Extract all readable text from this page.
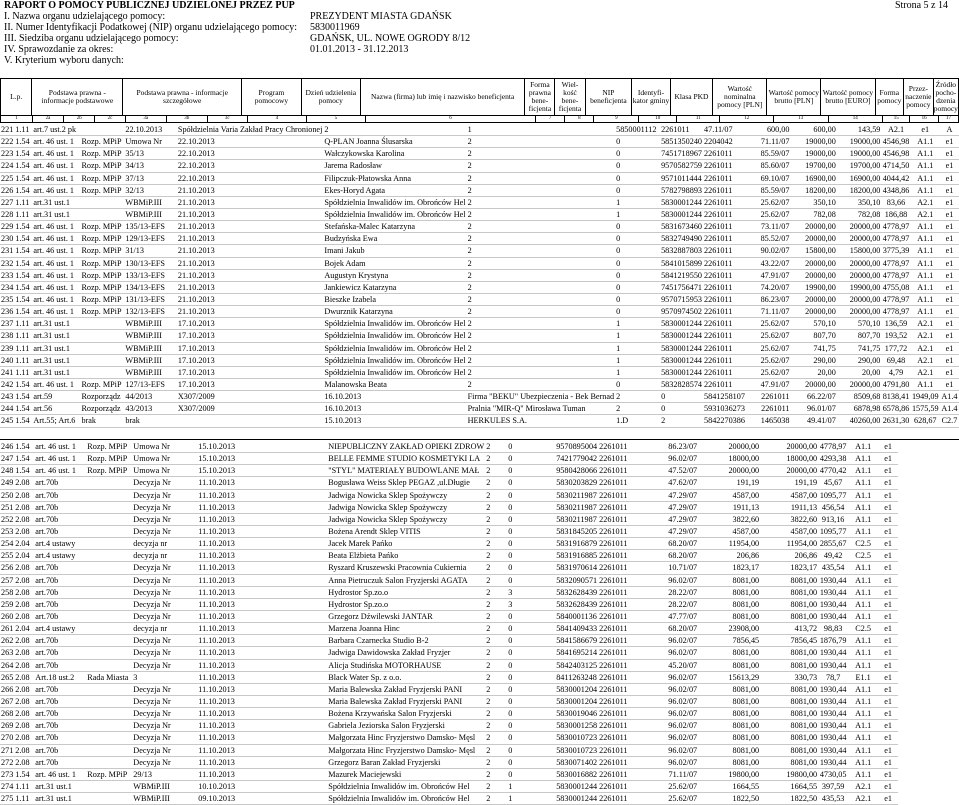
RAPORT O POMOCY PUBLICZNEJ UDZIELONEJ PRZEZ PUP	Strona 5 z 14
I. Nazwa organu udzielającego pomocy:	PREZYDENT MIASTA GDAŃSK
II. Numer Identyfikacji Podatkowej (NIP) organu udzielającego pomocy: 5830011969
III. Siedziba organu udzielającego pomocy:	GDAŃSK, UL. NOWE OGRODY 8/12
IV. Sprawozdanie za okres:	01.01.2013 - 31.12.2013
V. Kryterium wyboru danych:
L.p.	Podstawa prawna - informacje podstawowe	Podstawa prawna - informacje szczegółowe	Program pomocowy	Dzień udzielenia pomocy	Nazwa (firma) lub imię i nazwisko beneficjenta	Forma prawna bene- ficjenta	Wiel- kość bene- ficjenta	NIP beneficjenta	Identyfi- kator gminy	Klasa PKD	Wartość nominalna pomocy [PLN]	Wartość pomocy brutto [PLN]	Wartość pomocy brutto [EURO]	Forma pomocy	Przez- naczenie pomocy	Źródło pocho- dzenia pomocy
1	2a	2b	2c	3a	3b	3c	4	5	6	7	8	9	10	11	12	13	14	15	16	17
221	1.11	art.7 ust.2 pk		22.10.2013	Spółdzielnia Varia Zakład Pracy Chronionej	2	1	5850001112	2261011	47.11/07	600,00	600,00	143,59	A2.1	e1	A
222	1.54	art. 46 ust. 1	Rozp. MPiP	Umowa Nr	22.10.2013	Q-PLAN Joanna Ślusarska	2	0	5851350240	2204042	71.11/07	19000,00	19000,00	4546,98	A1.1	e1
223	1.54	art. 46 ust. 1	Rozp. MPiP	35/13	22.10.2013	Wałczykowska Karolina	2	0	7451718967	2261011	85.59/07	19000,00	19000,00	4546,98	A1.1	e1
224	1.54	art. 46 ust. 1	Rozp. MPiP	34/13	22.10.2013	Jarema Radosław	2	0	9570582759	2261011	85.60/07	19700,00	19700,00	4714,50	A1.1	e1
225	1.54	art. 46 ust. 1	Rozp. MPiP	37/13	22.10.2013	Filipczuk-Płatowska Anna	2	0	9571011444	2261011	69.10/07	16900,00	16900,00	4044,42	A1.1	e1
226	1.54	art. 46 ust. 1	Rozp. MPiP	32/13	21.10.2013	Ekes-Horyd Agata	2	0	5782798893	2261011	85.59/07	18200,00	18200,00	4348,86	A1.1	e1
227	1.11	art.31 ust.1		WBMiP.III	21.10.2013	Spółdzielnia Inwalidów im. Obrońców Hel	2	1	5830001244	2261011	25.62/07	350,10	350,10	83,66	A2.1	e1
228	1.11	art.31 ust.1		WBMiP.III	21.10.2013	Spółdzielnia Inwalidów im. Obrońców Hel	2	1	5830001244	2261011	25.62/07	782,08	782,08	186,88	A2.1	e1
229	1.54	art. 46 ust. 1	Rozp. MPiP	135/13-EFS	21.10.2013	Stefańska-Malec Katarzyna	2	0	5831673460	2261011	73.11/07	20000,00	20000,00	4778,97	A1.1	e1
230	1.54	art. 46 ust. 1	Rozp. MPiP	129/13-EFS	21.10.2013	Budzyńska Ewa	2	0	5832749490	2261011	85.52/07	20000,00	20000,00	4778,97	A1.1	e1
231	1.54	art. 46 ust. 1	Rozp. MPiP	31/13	21.10.2013	Imani Jakub	2	0	5832887803	2261011	90.02/07	15800,00	15800,00	3775,39	A1.1	e1
232	1.54	art. 46 ust. 1	Rozp. MPiP	130/13-EFS	21.10.2013	Bojek Adam	2	0	5841015899	2261011	43.22/07	20000,00	20000,00	4778,97	A1.1	e1
233	1.54	art. 46 ust. 1	Rozp. MPiP	133/13-EFS	21.10.2013	Augustyn Krystyna	2	0	5841219550	2261011	47.91/07	20000,00	20000,00	4778,97	A1.1	e1
234	1.54	art. 46 ust. 1	Rozp. MPiP	134/13-EFS	21.10.2013	Jankiewicz Katarzyna	2	0	7451756471	2261011	74.20/07	19900,00	19900,00	4755,08	A1.1	e1
235	1.54	art. 46 ust. 1	Rozp. MPiP	131/13-EFS	21.10.2013	Bieszke Izabela	2	0	9570715953	2261011	86.23/07	20000,00	20000,00	4778,97	A1.1	e1
236	1.54	art. 46 ust. 1	Rozp. MPiP	132/13-EFS	21.10.2013	Dwurznik Katarzyna	2	0	9570974502	2261011	71.11/07	20000,00	20000,00	4778,97	A1.1	e1
237	1.11	art.31 ust.1		WBMiP.III	17.10.2013	Spółdzielnia Inwalidów im. Obrońców Hel	2	1	5830001244	2261011	25.62/07	570,10	570,10	136,59	A2.1	e1
238	1.11	art.31 ust.1		WBMiP.III	17.10.2013	Spółdzielnia Inwalidów im. Obrońców Hel	2	1	5830001244	2261011	25.62/07	807,70	807,70	193,52	A2.1	e1
239	1.11	art.31 ust.1		WBMiP.III	17.10.2013	Spółdzielnia Inwalidów im. Obrońców Hel	2	1	5830001244	2261011	25.62/07	741,75	741,75	177,72	A2.1	e1
240	1.11	art.31 ust.1		WBMiP.III	17.10.2013	Spółdzielnia Inwalidów im. Obrońców Hel	2	1	5830001244	2261011	25.62/07	290,00	290,00	69,48	A2.1	e1
241	1.11	art.31 ust.1		WBMiP.III	17.10.2013	Spółdzielnia Inwalidów im. Obrońców Hel	2	1	5830001244	2261011	25.62/07	20,00	20,00	4,79	A2.1	e1
242	1.54	art. 46 ust. 1	Rozp. MPiP	127/13-EFS	17.10.2013	Malanowska Beata	2	0	5832828574	2261011	47.91/07	20000,00	20000,00	4791,80	A1.1	e1
243	1.54	art.59	Rozporządz	44/2013	X307/2009	16.10.2013	Firma "BEKU" Ubezpieczenia - Bek Bernad	2	0	5841258107	2261011	66.22/07	8509,68	8138,41	1949,09	A1.4
244	1.54	art.56	Rozporządz	43/2013	X307/2009	16.10.2013	Pralnia "MIR-Q" Mirosława Tuman	2	0	5931036273	2261011	96.01/07	6878,98	6578,86	1575,59	A1.4
245	1.54	Art.55; Art.6	brak	brak		15.10.2013	HERKULES S.A.	1.D	2	5842270386	1465038	49.41/07	40260,00	2631,30	628,67	C2.7
246	1.54	art. 46 ust. 1	Rozp. MPiP	Umowa Nr	15.10.2013	NIEPUBLICZNY ZAKŁAD OPIEKI ZDROW	2	0	9570895004	2261011	86.23/07	20000,00	20000,00	4778,97	A1.1	e1
247	1.54	art. 46 ust. 1	Rozp. MPiP	Umowa Nr	15.10.2013	BELLE FEMME STUDIO KOSMETYKI LA	2	0	7421779042	2261011	96.02/07	18000,00	18000,00	4293,38	A1.1	e1
248	1.54	art. 46 ust. 1	Rozp. MPiP	Umowa Nr	15.10.2013	"STYL" MATERIAŁY BUDOWLANE MAŁ	2	0	9580428066	2261011	47.52/07	20000,00	20000,00	4770,42	A1.1	e1
249	2.08	art.70b		Decyzja Nr	11.10.2013	Bogusława Weiss Sklep PEGAZ ,ul.Długie	2	0	5830203829	2261011	47.62/07	191,19	191,19	45,67	A1.1	e1
250	2.08	art.70b		Decyzja Nr	11.10.2013	Jadwiga Nowicka Sklep Spożywczy	2	0	5830211987	2261011	47.29/07	4587,00	4587,00	1095,77	A1.1	e1
251	2.08	art.70b		Decyzja Nr	11.10.2013	Jadwiga Nowicka Sklep Spożywczy	2	0	5830211987	2261011	47.29/07	1911,13	1911,13	456,54	A1.1	e1
252	2.08	art.70b		Decyzja Nr	11.10.2013	Jadwiga Nowicka Sklep Spożywczy	2	0	5830211987	2261011	47.29/07	3822,60	3822,60	913,16	A1.1	e1
253	2.08	art.70b		Decyzja Nr	11.10.2013	Bożena Arendt Sklep VITIS	2	0	5831845205	2261011	47.29/07	4587,00	4587,00	1095,77	A1.1	e1
254	2.04	art.4 ustawy		decyzja nr	11.10.2013	Jacek Marek Pańko	2	0	5831916879	2261011	68.20/07	11954,00	11954,00	2855,67	C2.5	e1
255	2.04	art.4 ustawy		decyzja nr	11.10.2013	Beata Elżbieta Pańko	2	0	5831916885	2261011	68.20/07	206,86	206,86	49,42	C2.5	e1
256	2.08	art.70b		Decyzja Nr	11.10.2013	Ryszard Kruszewski Pracownia Cukiernia	2	0	5831970614	2261011	10.71/07	1823,17	1823,17	435,54	A1.1	e1
257	2.08	art.70b		Decyzja Nr	11.10.2013	Anna Pietruczuk Salon Fryzjerski AGATA	2	0	5832090571	2261011	96.02/07	8081,00	8081,00	1930,44	A1.1	e1
258	2.08	art.70b		Decyzja Nr	11.10.2013	Hydrostor Sp.zo.o	2	3	5832628439	2261011	28.22/07	8081,00	8081,00	1930,44	A1.1	e1
259	2.08	art.70b		Decyzja Nr	11.10.2013	Hydrostor Sp.zo.o	2	3	5832628439	2261011	28.22/07	8081,00	8081,00	1930,44	A1.1	e1
260	2.08	art.70b		Decyzja Nr	11.10.2013	Grzegorz Dźwilewski JANTAR	2	0	5840001136	2261011	47.77/07	8081,00	8081,00	1930,44	A1.1	e1
261	2.04	art.4 ustawy		decyzja nr	11.10.2013	Marzena Joanna Hinc	2	0	5841409433	2261011	68.20/07	23908,00	413,72	98,83	C2.5	e1
262	2.08	art.70b		Decyzja Nr	11.10.2013	Barbara Czarnecka Studio B-2	2	0	5841586679	2261011	96.02/07	7856,45	7856,45	1876,79	A1.1	e1
263	2.08	art.70b		Decyzja Nr	11.10.2013	Jadwiga Dawidowska Zakład Fryzjer	2	0	5841695214	2261011	96.02/07	8081,00	8081,00	1930,44	A1.1	e1
264	2.08	art.70b		Decyzja Nr	11.10.2013	Alicja Studińska MOTORHAUSE	2	0	5842403125	2261011	45.20/07	8081,00	8081,00	1930,44	A1.1	e1
265	2.08	Art.18 ust.2	Rada Miasta	3	11.10.2013	Black Water Sp. z o.o.	2	0	8411263248	2261011	96.02/07	15613,29	330,73	78,7	E1.1	e1
266	2.08	art.70b		Decyzja Nr	11.10.2013	Maria Balewska Zakład Fryzjerski PANI	2	0	5830001204	2261011	96.02/07	8081,00	8081,00	1930,44	A1.1	e1
267	2.08	art.70b		Decyzja Nr	11.10.2013	Maria Balewska Zakład Fryzjerski PANI	2	0	5830001204	2261011	96.02/07	8081,00	8081,00	1930,44	A1.1	e1
268	2.08	art.70b		Decyzja Nr	11.10.2013	Bożena Krzywańska Salon Fryzjerski	2	0	5830019046	2261011	96.02/07	8081,00	8081,00	1930,44	A1.1	e1
269	2.08	art.70b		Decyzja Nr	11.10.2013	Gabriela Jeziorska Salon Fryzjerski	2	0	5830001258	2261011	96.02/07	8081,00	8081,00	1930,44	A1.1	e1
270	2.08	art.70b		Decyzja Nr	11.10.2013	Małgorzata Hinc Fryzjerstwo Damsko- Męsl	2	0	5830010723	2261011	96.02/07	8081,00	8081,00	1930,44	A1.1	e1
271	2.08	art.70b		Decyzja Nr	11.10.2013	Małgorzata Hinc Fryzjerstwo Damsko- Męsl	2	0	5830010723	2261011	96.02/07	8081,00	8081,00	1930,44	A1.1	e1
272	2.08	art.70b		Decyzja Nr	11.10.2013	Grzegorz Baran Zakład Fryzjerski	2	0	5830071402	2261011	96.02/07	8081,00	8081,00	1930,44	A1.1	e1
273	1.54	art. 46 ust. 1	Rozp. MPiP	29/13	11.10.2013	Mazurek Maciejewski	2	0	5830016882	2261011	71.11/07	19800,00	19800,00	4730,05	A1.1	e1
274	1.11	art.31 ust.1		WBMiP.III	10.10.2013	Spółdzielnia Inwalidów im. Obrońców Hel	2	1	5830001244	2261011	25.62/07	1664,55	1664,55	397,59	A2.1	e1
275	1.11	art.31 ust.1		WBMiP.III	09.10.2013	Spółdzielnia Inwalidów im. Obrońców Hel	2	1	5830001244	2261011	25.62/07	1822,50	1822,50	435,53	A2.1	e1
